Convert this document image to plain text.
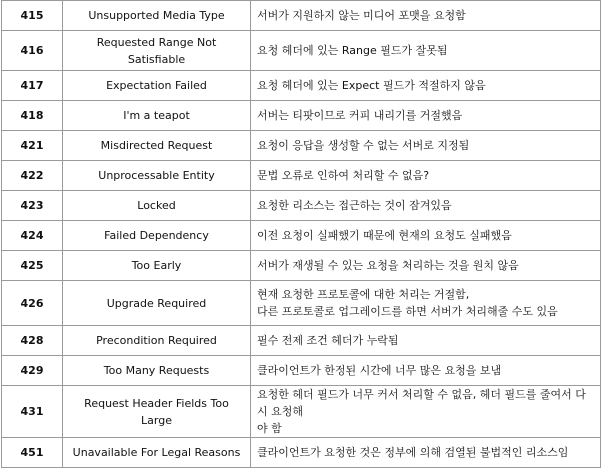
415	Unsupported Media Type	서버가 지원하지 않는 미디어 포맷을 요청함

416	Requested Range Not Satisfiable	요청 헤더에 있는 Range 필드가 잘못됨

417	Expectation Failed	요청 헤더에 있는 Expect 필드가 적절하지 않음

418	I'm a teapot	서버는 티팟이므로 커피 내리기를 거절했음

421	Misdirected Request	요청이 응답을 생성할 수 없는 서버로 지정됨

422	Unprocessable Entity	문법 오류로 인하여 처리할 수 없음?

423	Locked	요청한 리소스는 접근하는 것이 잠겨있음

424	Failed Dependency	이전 요청이 실패했기 때문에 현재의 요청도 실패했음

425	Too Early	서버가 재생될 수 있는 요청을 처리하는 것을 원치 않음

426	Upgrade Required	현재 요청한 프로토콜에 대한 처리는 거절함,
다른 프로토콜로 업그레이드를 하면 서버가 처리해줄 수도 있음

428	Precondition Required	필수 전제 조건 헤더가 누락됨

429	Too Many Requests	클라이언트가 한정된 시간에 너무 많은 요청을 보냄

431	Request Header Fields Too Large	요청한 헤더 필드가 너무 커서 처리할 수 없음, 헤더 필드를 줄여서 다시 요청해
야 함

451	Unavailable For Legal Reasons	클라이언트가 요청한 것은 정부에 의해 검열된 불법적인 리소스임
